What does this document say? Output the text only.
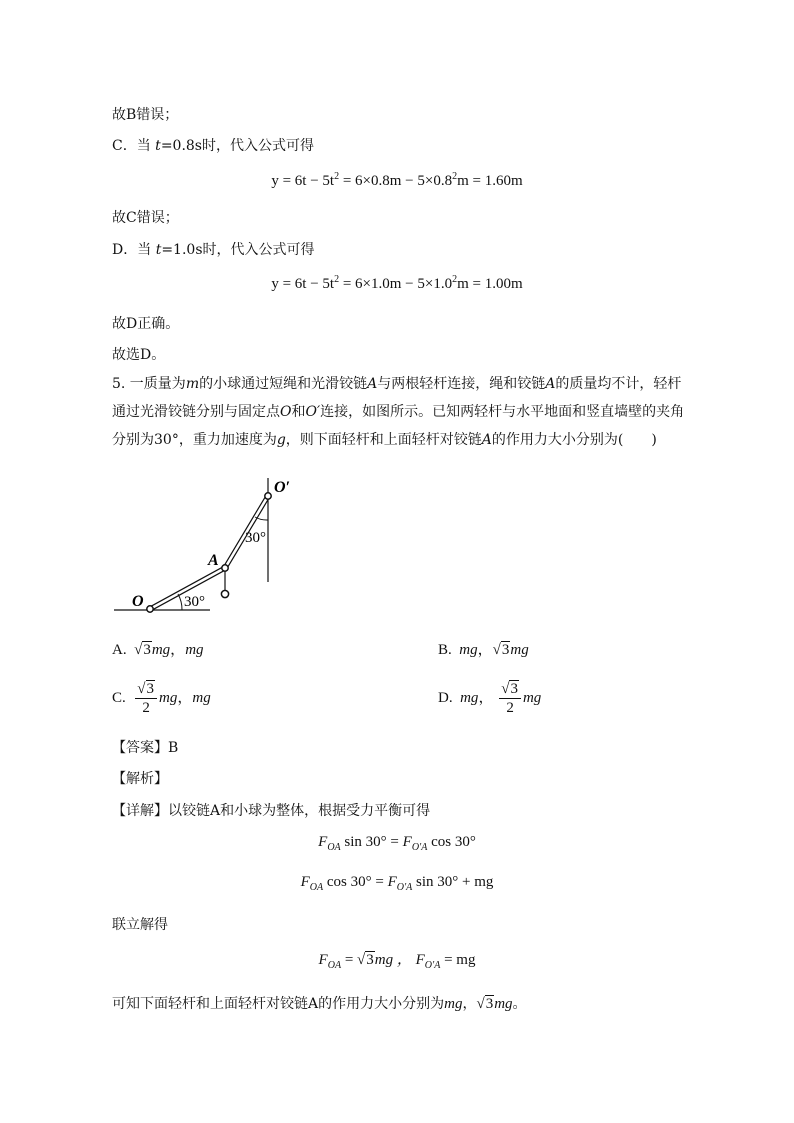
故B错误；
C．当 t=0.8s时，代入公式可得
$y = 6t - 5t^2 = 6\times 0.8m - 5\times 0.8^2m = 1.60m$
故C错误；
D．当 t=1.0s时，代入公式可得
$y = 6t - 5t^2 = 6\times 1.0m - 5\times 1.0^2m = 1.00m$
故D正确。
故选D。
5. 一质量为m的小球通过短绳和光滑铰链A与两根轻杆连接，绳和铰链A的质量均不计，轻杆通过光滑铰链分别与固定点O和O′连接，如图所示。已知两轻杆与水平地面和竖直墙壁的夹角分别为30°，重力加速度为g，则下面轻杆和上面轻杆对铰链A的作用力大小分别为(　　)
O
O′
A
30°
30°
A.  √3mg，mg	B. mg，√3mg
C. $\frac{√3}{2}$ mg，mg	D. mg， $\frac{√3}{2}$ mg
【答案】B
【解析】
【详解】以铰链A和小球为整体，根据受力平衡可得
$F_{OA}$ $\sin 30^\circ = F_{O'A}$ cos 30°
$F_{OA}$ $\cos 30^\circ = F_{O'A}$ sin 30° + mg
联立解得
$F_{OA} = √3mg$ ， $F_{O'A}$ = mg
可知下面轻杆和上面轻杆对铰链A的作用力大小分别为mg，√3mg。
